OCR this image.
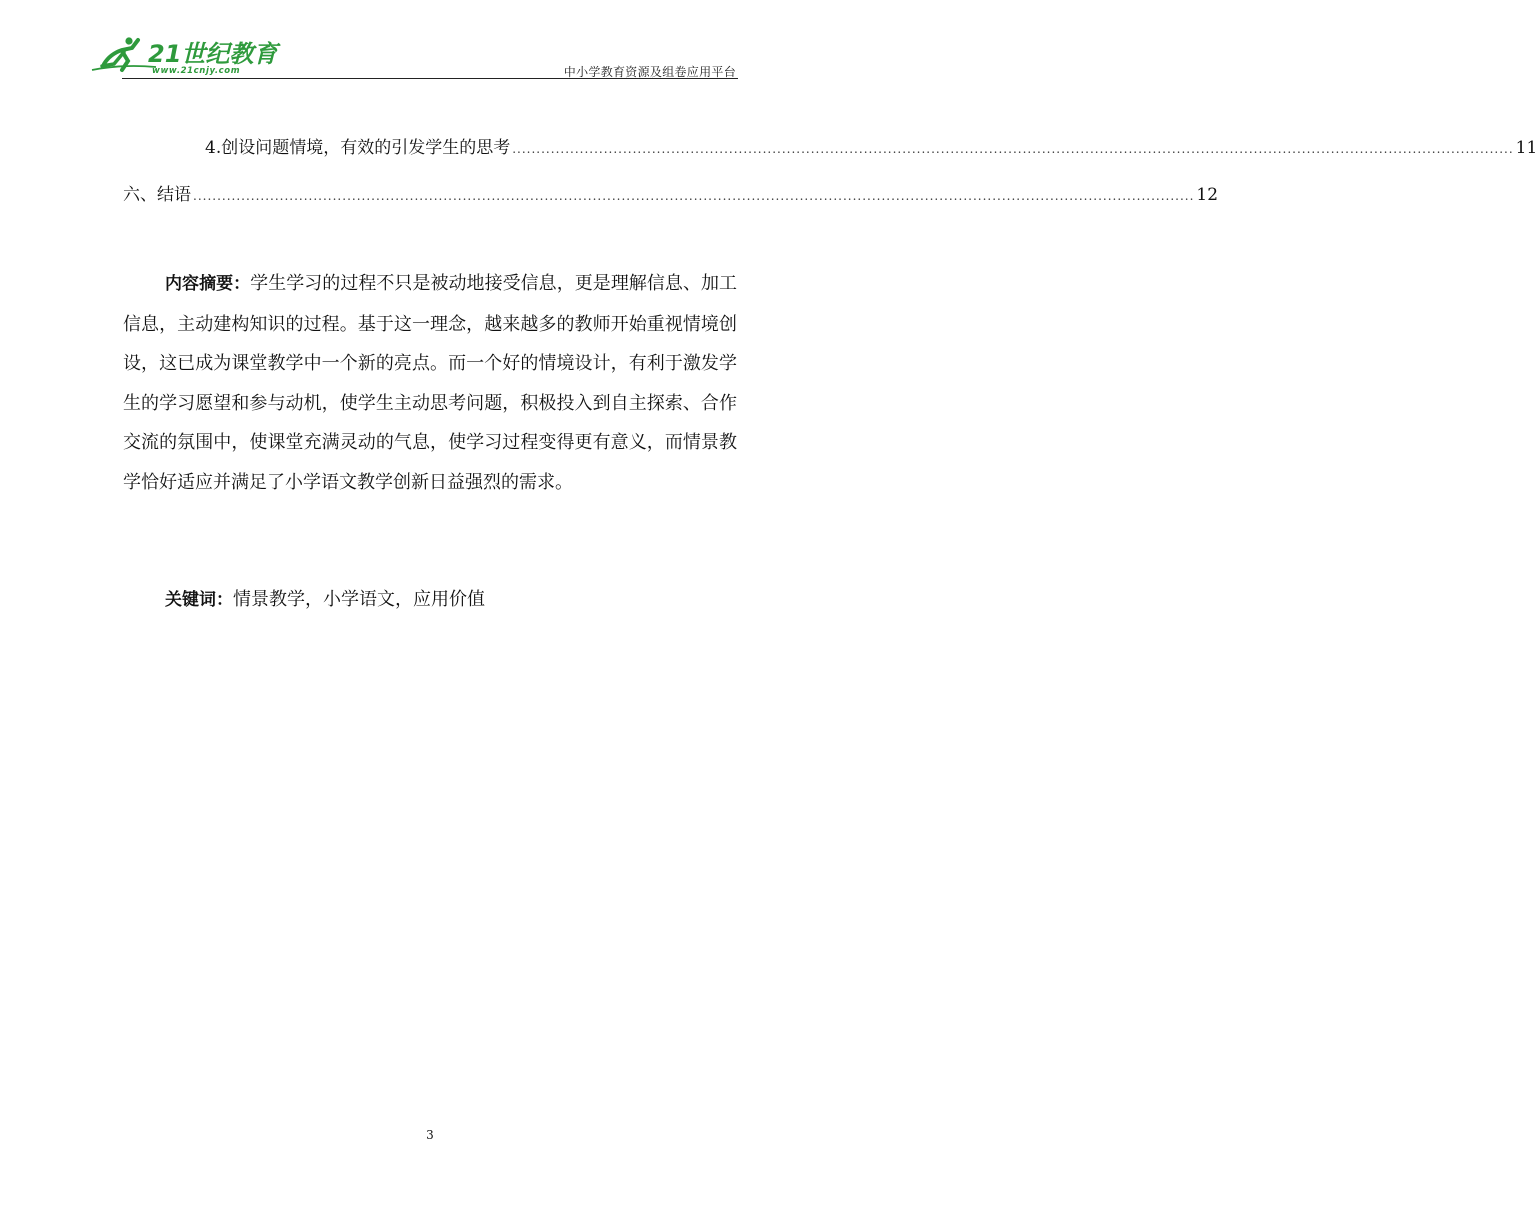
21世纪教育
www.21cnjy.com	中小学教育资源及组卷应用平台
4.创设问题情境，有效的引发学生的思考 .....	11
六、结语 .....	12
内容摘要：学生学习的过程不只是被动地接受信息，更是理解信息、加工信息，主动建构知识的过程。基于这一理念，越来越多的教师开始重视情境创设，这已成为课堂教学中一个新的亮点。而一个好的情境设计，有利于激发学生的学习愿望和参与动机，使学生主动思考问题，积极投入到自主探索、合作交流的氛围中，使课堂充满灵动的气息，使学习过程变得更有意义，而情景教学恰好适应并满足了小学语文教学创新日益强烈的需求。
关键词：情景教学，小学语文，应用价值
3
